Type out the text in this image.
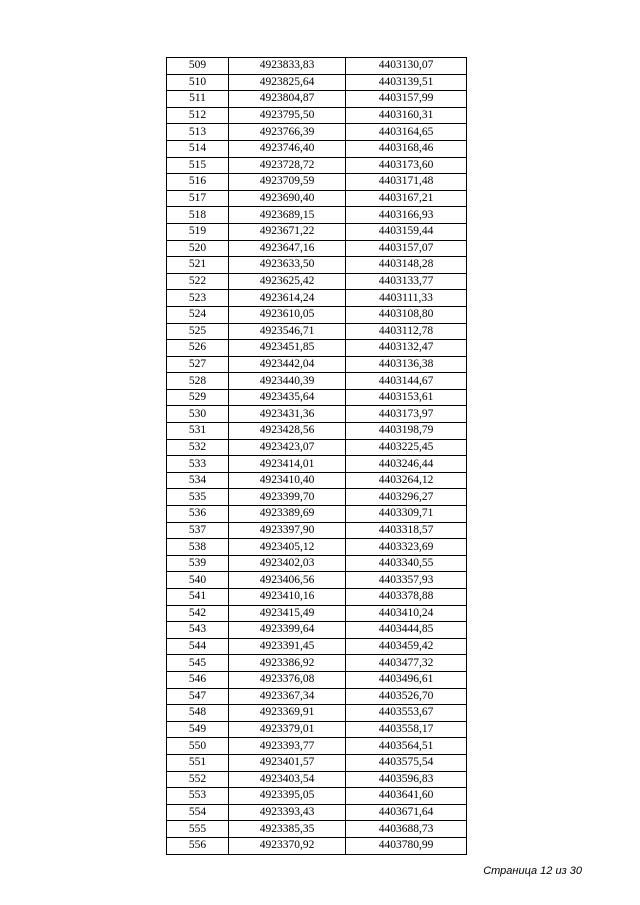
509	4923833,83	4403130,07
510	4923825,64	4403139,51
511	4923804,87	4403157,99
512	4923795,50	4403160,31
513	4923766,39	4403164,65
514	4923746,40	4403168,46
515	4923728,72	4403173,60
516	4923709,59	4403171,48
517	4923690,40	4403167,21
518	4923689,15	4403166,93
519	4923671,22	4403159,44
520	4923647,16	4403157,07
521	4923633,50	4403148,28
522	4923625,42	4403133,77
523	4923614,24	4403111,33
524	4923610,05	4403108,80
525	4923546,71	4403112,78
526	4923451,85	4403132,47
527	4923442,04	4403136,38
528	4923440,39	4403144,67
529	4923435,64	4403153,61
530	4923431,36	4403173,97
531	4923428,56	4403198,79
532	4923423,07	4403225,45
533	4923414,01	4403246,44
534	4923410,40	4403264,12
535	4923399,70	4403296,27
536	4923389,69	4403309,71
537	4923397,90	4403318,57
538	4923405,12	4403323,69
539	4923402,03	4403340,55
540	4923406,56	4403357,93
541	4923410,16	4403378,88
542	4923415,49	4403410,24
543	4923399,64	4403444,85
544	4923391,45	4403459,42
545	4923386,92	4403477,32
546	4923376,08	4403496,61
547	4923367,34	4403526,70
548	4923369,91	4403553,67
549	4923379,01	4403558,17
550	4923393,77	4403564,51
551	4923401,57	4403575,54
552	4923403,54	4403596,83
553	4923395,05	4403641,60
554	4923393,43	4403671,64
555	4923385,35	4403688,73
556	4923370,92	4403780,99
Страница 12 из 30
